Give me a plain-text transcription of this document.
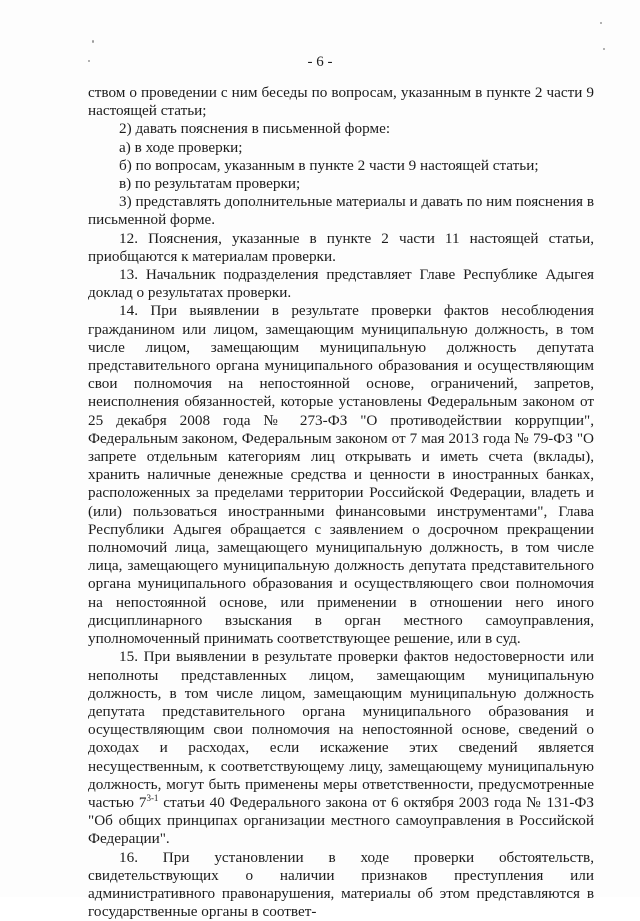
- 6 -

ством о проведении с ним беседы по вопросам, указанным в пункте 2 части 9 настоящей статьи;

2) давать пояснения в письменной форме:

а) в ходе проверки;

б) по вопросам, указанным в пункте 2 части 9 настоящей статьи;

в) по результатам проверки;

3) представлять дополнительные материалы и давать по ним пояснения в письменной форме.

12. Пояснения, указанные в пункте 2 части 11 настоящей статьи, приобщаются к материалам проверки.

13. Начальник подразделения представляет Главе Республике Адыгея доклад о результатах проверки.

14. При выявлении в результате проверки фактов несоблюдения гражданином или лицом, замещающим муниципальную должность, в том числе лицом, замещающим муниципальную должность депутата представительного органа муниципального образования и осуществляющим свои полномочия на непостоянной основе, ограничений, запретов, неисполнения обязанностей, которые установлены Федеральным законом от 25 декабря 2008 года № 273-ФЗ "О противодействии коррупции", Федеральным законом, Федеральным законом от 7 мая 2013 года № 79-ФЗ "О запрете отдельным категориям лиц открывать и иметь счета (вклады), хранить наличные денежные средства и ценности в иностранных банках, расположенных за пределами территории Российской Федерации, владеть и (или) пользоваться иностранными финансовыми инструментами", Глава Республики Адыгея обращается с заявлением о досрочном прекращении полномочий лица, замещающего муниципальную должность, в том числе лица, замещающего муниципальную должность депутата представительного органа муниципального образования и осуществляющего свои полномочия на непостоянной основе, или применении в отношении него иного дисциплинарного взыскания в орган местного самоуправления, уполномоченный принимать соответствующее решение, или в суд.

15. При выявлении в результате проверки фактов недостоверности или неполноты представленных лицом, замещающим муниципальную должность, в том числе лицом, замещающим муниципальную должность депутата представительного органа муниципального образования и осуществляющим свои полномочия на непостоянной основе, сведений о доходах и расходах, если искажение этих сведений является несущественным, к соответствующему лицу, замещающему муниципальную должность, могут быть применены меры ответственности, предусмотренные частью 7$^{3-1}$ статьи 40 Федерального закона от 6 октября 2003 года № 131-ФЗ "Об общих принципах организации местного самоуправления в Российской Федерации".

16. При установлении в ходе проверки обстоятельств, свидетельствующих о наличии признаков преступления или административного правонарушения, материалы об этом представляются в государственные органы в соответ-
